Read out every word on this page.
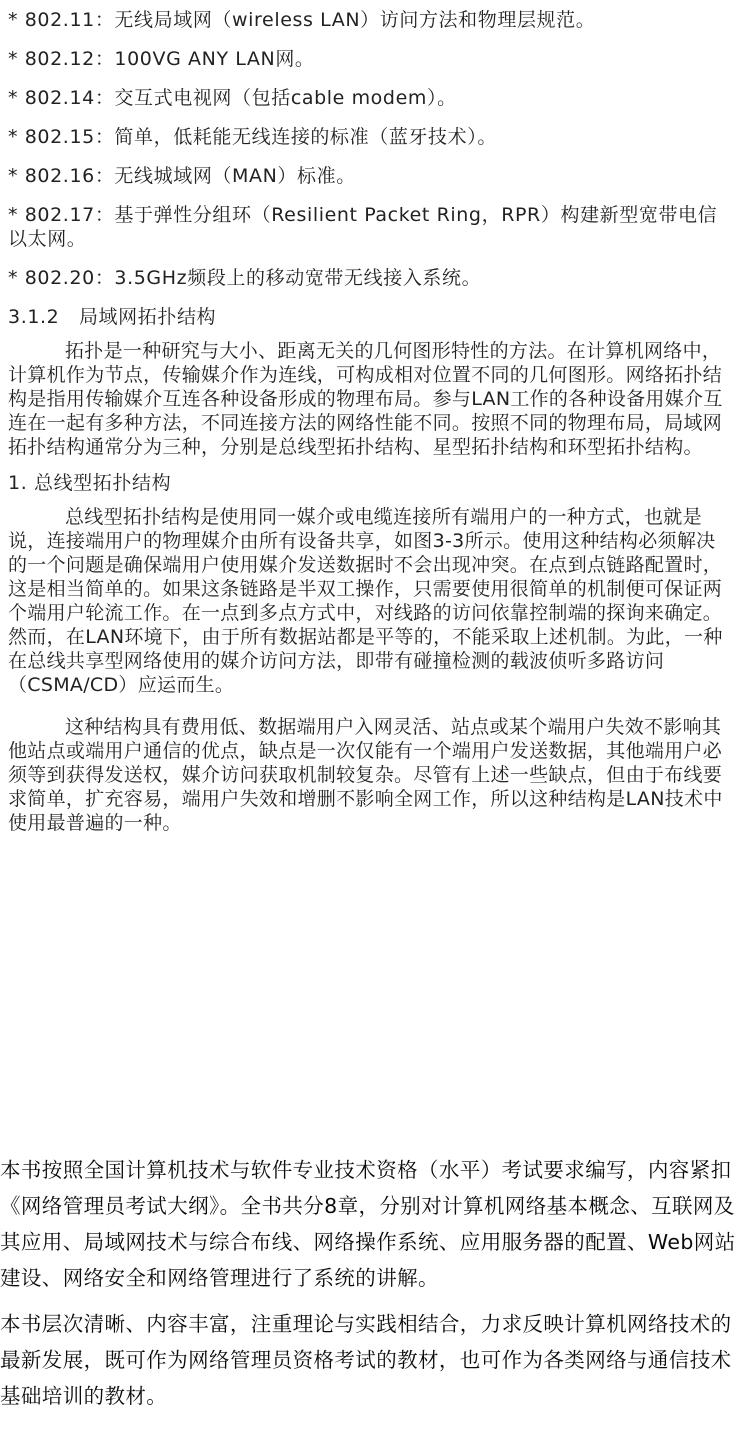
* 802.11：无线局域网（wireless LAN）访问方法和物理层规范。

* 802.12：100VG ANY LAN网。

* 802.14：交互式电视网（包括cable modem）。

* 802.15：简单，低耗能无线连接的标准（蓝牙技术）。

* 802.16：无线城域网（MAN）标准。

* 802.17：基于弹性分组环（Resilient Packet Ring，RPR）构建新型宽带电信以太网。

* 802.20：3.5GHz频段上的移动宽带无线接入系统。

3.1.2　局域网拓扑结构

拓扑是一种研究与大小、距离无关的几何图形特性的方法。在计算机网络中，计算机作为节点，传输媒介作为连线，可构成相对位置不同的几何图形。网络拓扑结构是指用传输媒介互连各种设备形成的物理布局。参与LAN工作的各种设备用媒介互连在一起有多种方法，不同连接方法的网络性能不同。按照不同的物理布局，局域网拓扑结构通常分为三种，分别是总线型拓扑结构、星型拓扑结构和环型拓扑结构。

1. 总线型拓扑结构

总线型拓扑结构是使用同一媒介或电缆连接所有端用户的一种方式，也就是说，连接端用户的物理媒介由所有设备共享，如图3-3所示。使用这种结构必须解决的一个问题是确保端用户使用媒介发送数据时不会出现冲突。在点到点链路配置时，这是相当简单的。如果这条链路是半双工操作，只需要使用很简单的机制便可保证两个端用户轮流工作。在一点到多点方式中，对线路的访问依靠控制端的探询来确定。然而，在LAN环境下，由于所有数据站都是平等的，不能采取上述机制。为此，一种在总线共享型网络使用的媒介访问方法，即带有碰撞检测的载波侦听多路访问（CSMA/CD）应运而生。

这种结构具有费用低、数据端用户入网灵活、站点或某个端用户失效不影响其他站点或端用户通信的优点，缺点是一次仅能有一个端用户发送数据，其他端用户必须等到获得发送权，媒介访问获取机制较复杂。尽管有上述一些缺点，但由于布线要求简单，扩充容易，端用户失效和增删不影响全网工作，所以这种结构是LAN技术中使用最普遍的一种。

本书按照全国计算机技术与软件专业技术资格（水平）考试要求编写，内容紧扣《网络管理员考试大纲》。全书共分8章，分别对计算机网络基本概念、互联网及其应用、局域网技术与综合布线、网络操作系统、应用服务器的配置、Web网站建设、网络安全和网络管理进行了系统的讲解。

本书层次清晰、内容丰富，注重理论与实践相结合，力求反映计算机网络技术的最新发展，既可作为网络管理员资格考试的教材，也可作为各类网络与通信技术基础培训的教材。
